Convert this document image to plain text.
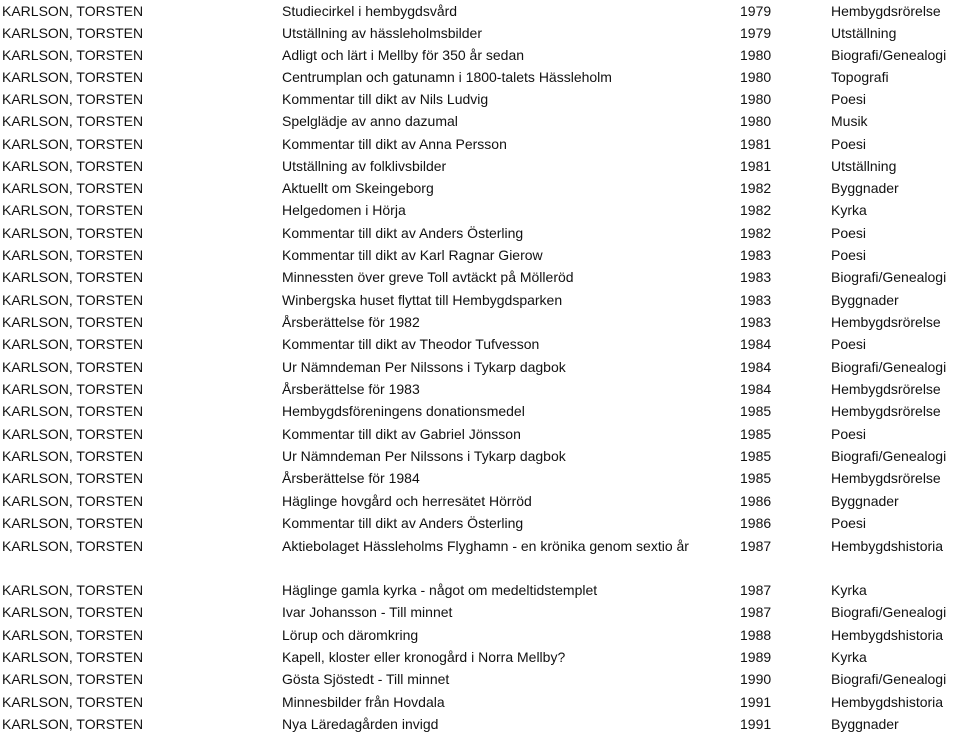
KARLSON, TORSTEN	Studiecirkel i hembygdsvård	1979	Hembygdsrörelse
KARLSON, TORSTEN	Utställning av hässleholmsbilder	1979	Utställning
KARLSON, TORSTEN	Adligt och lärt i Mellby för 350 år sedan	1980	Biografi/Genealogi
KARLSON, TORSTEN	Centrumplan och gatunamn i 1800-talets Hässleholm	1980	Topografi
KARLSON, TORSTEN	Kommentar till dikt av Nils Ludvig	1980	Poesi
KARLSON, TORSTEN	Spelglädje av anno dazumal	1980	Musik
KARLSON, TORSTEN	Kommentar till dikt av Anna Persson	1981	Poesi
KARLSON, TORSTEN	Utställning av folklivsbilder	1981	Utställning
KARLSON, TORSTEN	Aktuellt om Skeingeborg	1982	Byggnader
KARLSON, TORSTEN	Helgedomen i Hörja	1982	Kyrka
KARLSON, TORSTEN	Kommentar till dikt av Anders Österling	1982	Poesi
KARLSON, TORSTEN	Kommentar till dikt av Karl Ragnar Gierow	1983	Poesi
KARLSON, TORSTEN	Minnessten över greve Toll avtäckt på Mölleröd	1983	Biografi/Genealogi
KARLSON, TORSTEN	Winbergska huset flyttat till Hembygdsparken	1983	Byggnader
KARLSON, TORSTEN	Årsberättelse för 1982	1983	Hembygdsrörelse
KARLSON, TORSTEN	Kommentar till dikt av Theodor Tufvesson	1984	Poesi
KARLSON, TORSTEN	Ur Nämndeman Per Nilssons i Tykarp dagbok	1984	Biografi/Genealogi
KARLSON, TORSTEN	Årsberättelse för 1983	1984	Hembygdsrörelse
KARLSON, TORSTEN	Hembygdsföreningens donationsmedel	1985	Hembygdsrörelse
KARLSON, TORSTEN	Kommentar till dikt av Gabriel Jönsson	1985	Poesi
KARLSON, TORSTEN	Ur Nämndeman Per Nilssons i Tykarp dagbok	1985	Biografi/Genealogi
KARLSON, TORSTEN	Årsberättelse för 1984	1985	Hembygdsrörelse
KARLSON, TORSTEN	Häglinge hovgård och herresätet Hörröd	1986	Byggnader
KARLSON, TORSTEN	Kommentar till dikt av Anders Österling	1986	Poesi
KARLSON, TORSTEN	Aktiebolaget Hässleholms Flyghamn - en krönika genom sextio år	1987	Hembygdshistoria
KARLSON, TORSTEN	Häglinge gamla kyrka - något om medeltidstemplet	1987	Kyrka
KARLSON, TORSTEN	Ivar Johansson - Till minnet	1987	Biografi/Genealogi
KARLSON, TORSTEN	Lörup och däromkring	1988	Hembygdshistoria
KARLSON, TORSTEN	Kapell, kloster eller kronogård i Norra Mellby?	1989	Kyrka
KARLSON, TORSTEN	Gösta Sjöstedt - Till minnet	1990	Biografi/Genealogi
KARLSON, TORSTEN	Minnesbilder från Hovdala	1991	Hembygdshistoria
KARLSON, TORSTEN	Nya Läredagården invigd	1991	Byggnader
